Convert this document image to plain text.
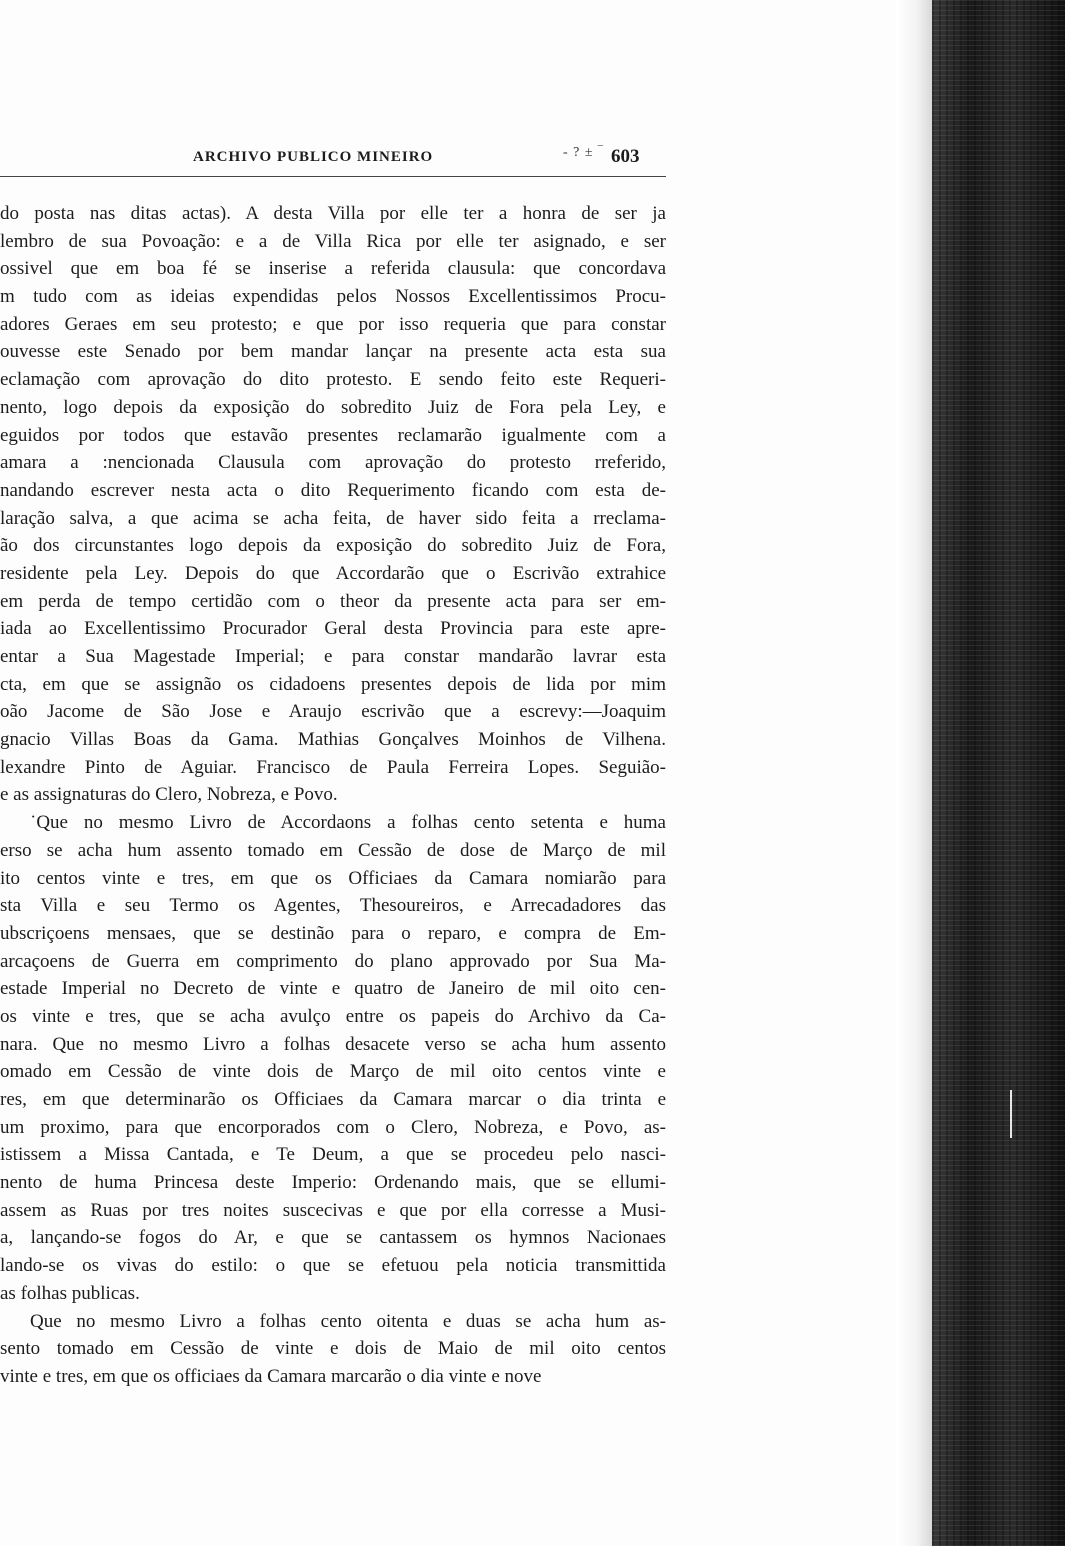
ARCHIVO PUBLICO MINEIRO	- ? ± ‾ 603
do posta nas ditas actas). A desta Villa por elle ter a honra de ser ja
lembro de sua Povoação: e a de Villa Rica por elle ter asignado, e ser
ossivel que em boa fé se inserise a referida clausula: que concordava
m tudo com as ideias expendidas pelos Nossos Excellentissimos Procu-
adores Geraes em seu protesto; e que por isso requeria que para constar
ouvesse este Senado por bem mandar lançar na presente acta esta sua
eclamação com aprovação do dito protesto. E sendo feito este Requeri-
nento, logo depois da exposição do sobredito Juiz de Fora pela Ley, e
eguidos por todos que estavão presentes reclamarão igualmente com a
amara a :nencionada Clausula com aprovação do protesto rreferido,
nandando escrever nesta acta o dito Requerimento ficando com esta de-
laração salva, a que acima se acha feita, de haver sido feita a rreclama-
ão dos circunstantes logo depois da exposição do sobredito Juiz de Fora,
residente pela Ley. Depois do que Accordarão que o Escrivão extrahice
em perda de tempo certidão com o theor da presente acta para ser em-
iada ao Excellentissimo Procurador Geral desta Provincia para este apre-
entar a Sua Magestade Imperial; e para constar mandarão lavrar esta
cta, em que se assignão os cidadoens presentes depois de lida por mim
oão Jacome de São Jose e Araujo escrivão que a escrevy:—Joaquim
gnacio Villas Boas da Gama. Mathias Gonçalves Moinhos de Vilhena.
lexandre Pinto de Aguiar. Francisco de Paula Ferreira Lopes. Seguião-
e as assignaturas do Clero, Nobreza, e Povo.
˙Que no mesmo Livro de Accordaons a folhas cento setenta e huma
erso se acha hum assento tomado em Cessão de dose de Março de mil
ito centos vinte e tres, em que os Officiaes da Camara nomiarão para
sta Villa e seu Termo os Agentes, Thesoureiros, e Arrecadadores das
ubscriçoens mensaes, que se destinão para o reparo, e compra de Em-
arcaçoens de Guerra em comprimento do plano approvado por Sua Ma-
estade Imperial no Decreto de vinte e quatro de Janeiro de mil oito cen-
os vinte e tres, que se acha avulço entre os papeis do Archivo da Ca-
nara. Que no mesmo Livro a folhas desacete verso se acha hum assento
omado em Cessão de vinte dois de Março de mil oito centos vinte e
res, em que determinarão os Officiaes da Camara marcar o dia trinta e
um proximo, para que encorporados com o Clero, Nobreza, e Povo, as-
istissem a Missa Cantada, e Te Deum, a que se procedeu pelo nasci-
nento de huma Princesa deste Imperio: Ordenando mais, que se ellumi-
assem as Ruas por tres noites suscecivas e que por ella corresse a Musi-
a, lançando-se fogos do Ar, e que se cantassem os hymnos Nacionaes
lando-se os vivas do estilo: o que se efetuou pela noticia transmittida
as folhas publicas.
Que no mesmo Livro a folhas cento oitenta e duas se acha hum as-
sento tomado em Cessão de vinte e dois de Maio de mil oito centos
vinte e tres, em que os officiaes da Camara marcarão o dia vinte e nove
